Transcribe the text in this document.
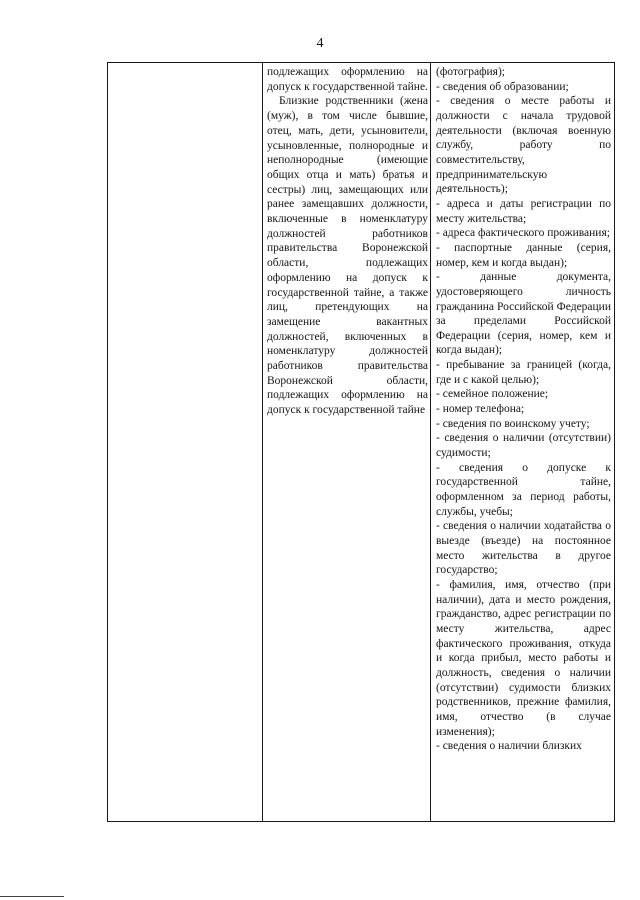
4

подлежащих оформлению на допуск к государственной тайне.

Близкие родственники (жена (муж), в том числе бывшие, отец, мать, дети, усыновители, усыновленные, полнородные и неполнородные (имеющие общих отца и мать) братья и сестры) лиц, замещающих или ранее замещавших должности, включенные в номенклатуру должностей работников правительства Воронежской области, подлежащих оформлению на допуск к государственной тайне, а также лиц, претендующих на замещение вакантных должностей, включенных в номенклатуру должностей работников правительства Воронежской области, подлежащих оформлению на допуск к государственной тайне

(фотография);

- сведения об образовании;

- сведения о месте работы и должности с начала трудовой деятельности (включая военную службу, работу по совместительству, предпринимательскую деятельность);

- адреса и даты регистрации по месту жительства;

- адреса фактического проживания;

- паспортные данные (серия, номер, кем и когда выдан);

- данные документа, удостоверяющего личность гражданина Российской Федерации за пределами Российской Федерации (серия, номер, кем и когда выдан);

- пребывание за границей (когда, где и с какой целью);

- семейное положение;

- номер телефона;

- сведения по воинскому учету;

- сведения о наличии (отсутствии) судимости;

- сведения о допуске к государственной тайне, оформленном за период работы, службы, учебы;

- сведения о наличии ходатайства о выезде (въезде) на постоянное место жительства в другое государство;

- фамилия, имя, отчество (при наличии), дата и место рождения, гражданство, адрес регистрации по месту жительства, адрес фактического проживания, откуда и когда прибыл, место работы и должность, сведения о наличии (отсутствии) судимости близких родственников, прежние фамилия, имя, отчество (в случае изменения);

- сведения о наличии близких
